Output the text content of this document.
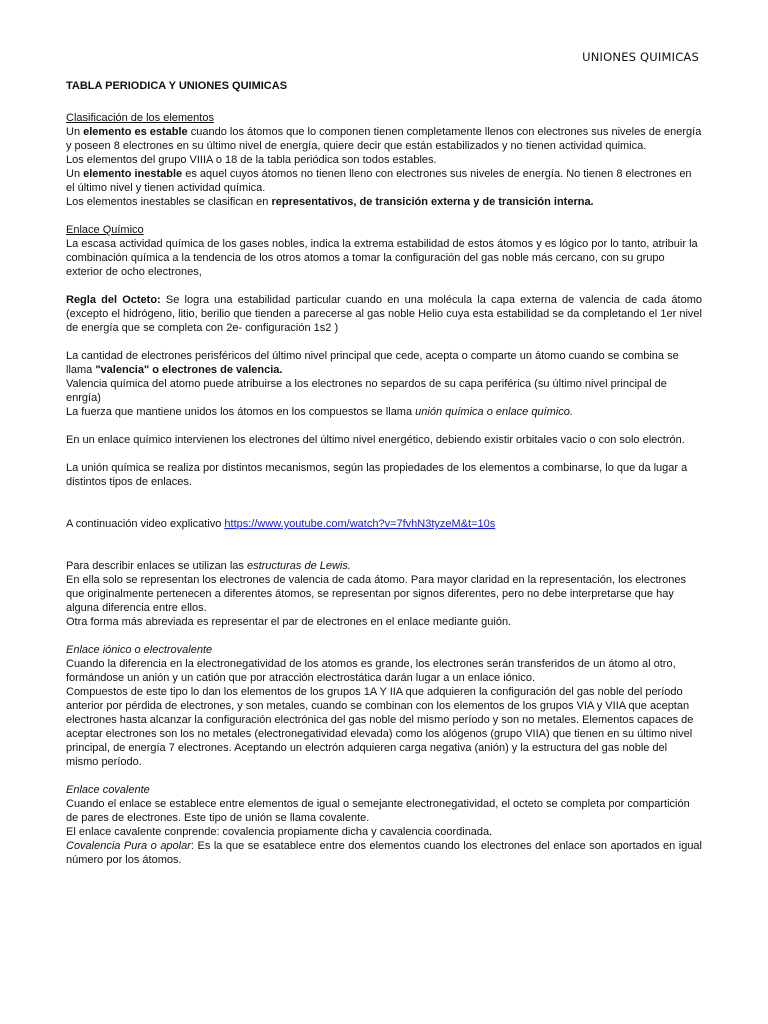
UNIONES QUIMICAS

TABLA PERIODICA Y UNIONES QUIMICAS

Clasificación de los elementos

Un elemento es estable cuando los átomos que lo componen tienen completamente llenos con electrones sus niveles de energía y poseen 8 electrones en su último nivel de energía, quiere decir que están estabilizados y no tienen actividad quimica.

Los elementos del grupo VIIIA o 18 de la tabla periódica son todos estables.

Un elemento inestable es aquel cuyos átomos no tienen lleno con electrones sus niveles de energía. No tienen 8 electrones en el último nivel y tienen actividad química.

Los elementos inestables se clasifican en representativos, de transición externa y de transición interna.

Enlace Químico

La escasa actividad química de los gases nobles, indica la extrema estabilidad de estos átomos y es lógico por lo tanto, atribuir la combinación química a la tendencia de los otros atomos a tomar la configuración del gas noble más cercano, con su grupo exterior de ocho electrones,

Regla del Octeto: Se logra una estabilidad particular cuando en una molécula la capa externa de valencia de cada átomo (excepto el hidrógeno, litio, berilio que tienden a parecerse al gas noble Helio cuya esta estabilidad se da completando el 1er nivel de energía que se completa con 2e- configuración 1s2 )

La cantidad de electrones perisféricos del último nivel principal que cede, acepta o comparte un átomo cuando se combina se llama "valencia" o electrones de valencia.

Valencia química del atomo puede atribuirse a los electrones no separdos de su capa periférica (su último nivel principal de enrgía)

La fuerza que mantiene unidos los átomos en los compuestos se llama unión química o enlace químico.

En un enlace químico intervienen los electrones del último nivel energético, debiendo existir orbitales vacio o con solo electrón.

La unión química se realiza por distintos mecanismos, según las propiedades de los elementos a combinarse, lo que da lugar a distintos tipos de enlaces.

A continuación video explicativo https://www.youtube.com/watch?v=7fvhN3tyzeM&t=10s

Para describir enlaces se utilizan las estructuras de Lewis.

En ella solo se representan los electrones de valencia de cada átomo. Para mayor claridad en la representación, los electrones que originalmente pertenecen a diferentes átomos, se representan por signos diferentes, pero no debe interpretarse que hay alguna diferencia entre ellos.

Otra forma más abreviada es representar el par de electrones en el enlace mediante guión.

Enlace iónico o electrovalente

Cuando la diferencia en la electronegatividad de los atomos es grande, los electrones serán transferidos de un átomo al otro, formándose un anión y un catión que por atracción electrostática darán lugar a un enlace iónico.

Compuestos de este tipo lo dan los elementos de los grupos 1A Y IIA que adquieren la configuración del gas noble del período anterior por pérdida de electrones, y son metales, cuando se combinan con los elementos de los grupos VIA y VIIA que aceptan electrones hasta alcanzar la configuración electrónica del gas noble del mismo período y son no metales. Elementos capaces de aceptar electrones son los no metales (electronegatividad elevada) como los alógenos (grupo VIIA) que tienen en su último nivel principal, de energía 7 electrones. Aceptando un electrón adquieren carga negativa (anión) y la estructura del gas noble del mismo período.

Enlace covalente

Cuando el enlace se establece entre elementos de igual o semejante electronegatividad, el octeto se completa por compartición de pares de electrones. Este tipo de unión se llama covalente.

El enlace cavalente conprende: covalencia propiamente dicha y cavalencia coordinada.

Covalencia Pura o apolar: Es la que se esatablece entre dos elementos cuando los electrones del enlace son aportados en igual número por los átomos.
